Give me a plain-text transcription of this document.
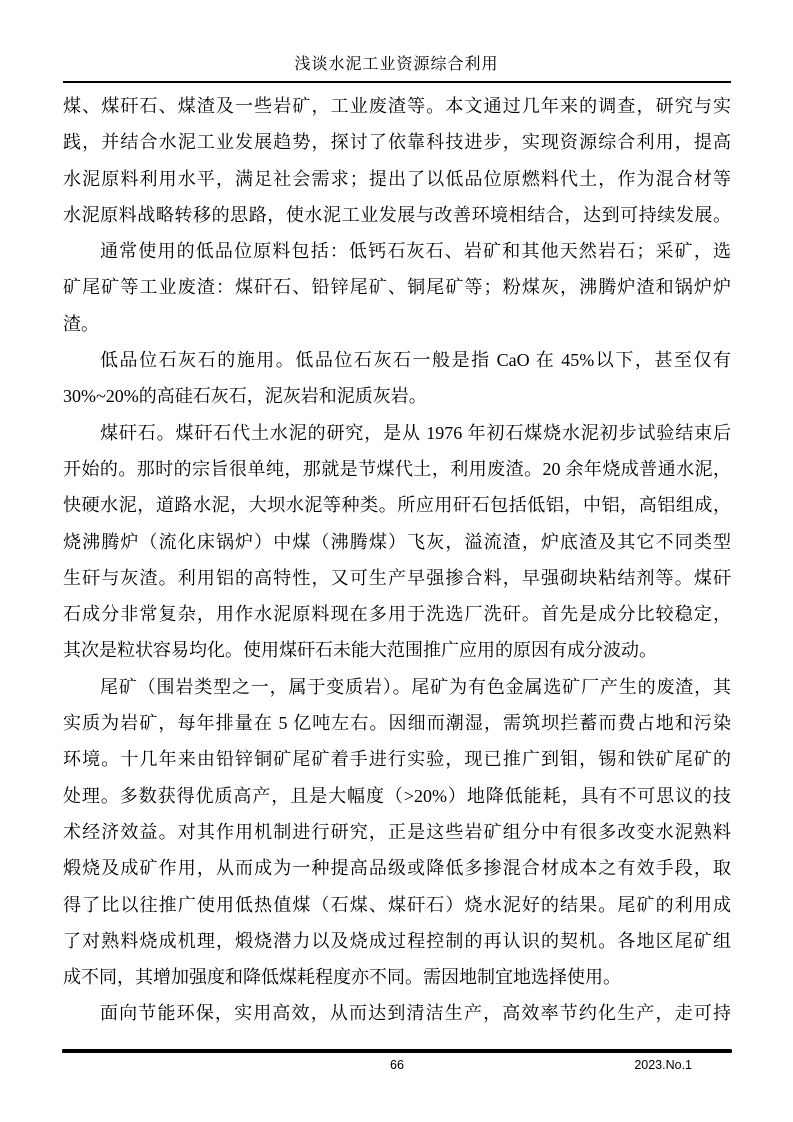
浅谈水泥工业资源综合利用
煤、煤矸石、煤渣及一些岩矿，工业废渣等。本文通过几年来的调查，研究与实
践，并结合水泥工业发展趋势，探讨了依靠科技进步，实现资源综合利用，提高
水泥原料利用水平，满足社会需求；提出了以低品位原燃料代土，作为混合材等
水泥原料战略转移的思路，使水泥工业发展与改善环境相结合，达到可持续发展。
通常使用的低品位原料包括：低钙石灰石、岩矿和其他天然岩石；采矿，选
矿尾矿等工业废渣：煤矸石、铅锌尾矿、铜尾矿等；粉煤灰，沸腾炉渣和锅炉炉
渣。
低品位石灰石的施用。低品位石灰石一般是指 CaO 在 45%以下，甚至仅有
30%~20%的高硅石灰石，泥灰岩和泥质灰岩。
煤矸石。煤矸石代土水泥的研究，是从 1976 年初石煤烧水泥初步试验结束后
开始的。那时的宗旨很单纯，那就是节煤代土，利用废渣。20 余年烧成普通水泥，
快硬水泥，道路水泥，大坝水泥等种类。所应用矸石包括低铝，中铝，高铝组成，
烧沸腾炉（流化床锅炉）中煤（沸腾煤）飞灰，溢流渣，炉底渣及其它不同类型
生矸与灰渣。利用铝的高特性，又可生产早强掺合料，早强砌块粘结剂等。煤矸
石成分非常复杂，用作水泥原料现在多用于洗选厂洗矸。首先是成分比较稳定，
其次是粒状容易均化。使用煤矸石未能大范围推广应用的原因有成分波动。
尾矿（围岩类型之一，属于变质岩）。尾矿为有色金属选矿厂产生的废渣，其
实质为岩矿，每年排量在 5 亿吨左右。因细而潮湿，需筑坝拦蓄而费占地和污染
环境。十几年来由铅锌铜矿尾矿着手进行实验，现已推广到钼，锡和铁矿尾矿的
处理。多数获得优质高产，且是大幅度（>20%）地降低能耗，具有不可思议的技
术经济效益。对其作用机制进行研究，正是这些岩矿组分中有很多改变水泥熟料
煅烧及成矿作用，从而成为一种提高品级或降低多掺混合材成本之有效手段，取
得了比以往推广使用低热值煤（石煤、煤矸石）烧水泥好的结果。尾矿的利用成
了对熟料烧成机理，煅烧潜力以及烧成过程控制的再认识的契机。各地区尾矿组
成不同，其增加强度和降低煤耗程度亦不同。需因地制宜地选择使用。
面向节能环保，实用高效，从而达到清洁生产，高效率节约化生产，走可持
66	2023.No.1
